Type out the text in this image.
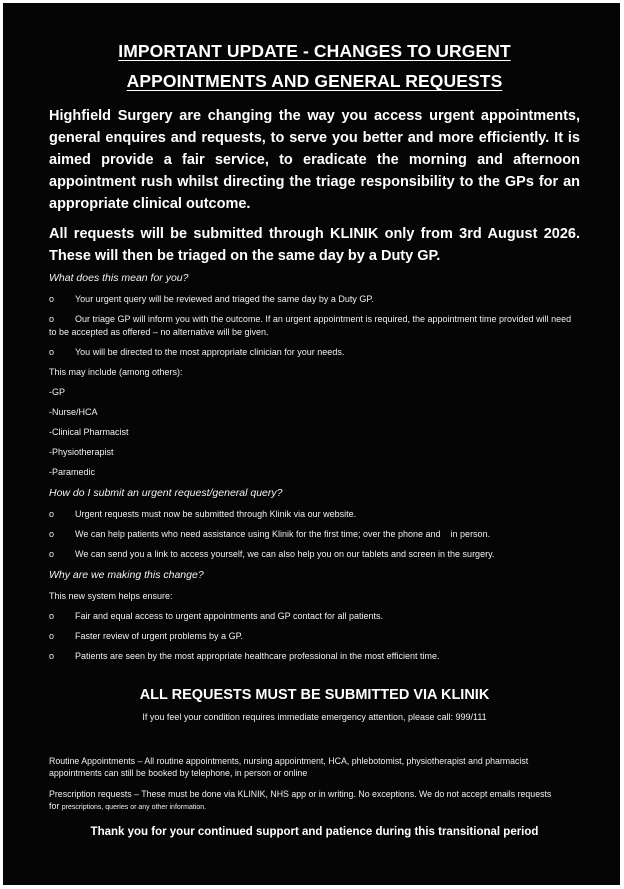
IMPORTANT UPDATE - CHANGES TO URGENT
APPOINTMENTS AND GENERAL REQUESTS

Highfield Surgery are changing the way you access urgent appointments, general enquires and requests, to serve you better and more efficiently. It is aimed provide a fair service, to eradicate the morning and afternoon appointment rush whilst directing the triage responsibility to the GPs for an appropriate clinical outcome.

All requests will be submitted through KLINIK only from 3rd August 2026. These will then be triaged on the same day by a Duty GP.

What does this mean for you?
o	Your urgent query will be reviewed and triaged the same day by a Duty GP.
o Our triage GP will inform you with the outcome. If an urgent appointment is required, the appointment time provided will need to be accepted as offered – no alternative will be given.
o	You will be directed to the most appropriate clinician for your needs.
This may include (among others):
-GP
-Nurse/HCA
-Clinical Pharmacist
-Physiotherapist
-Paramedic
How do I submit an urgent request/general query?
o	Urgent requests must now be submitted through Klinik via our website.
o	We can help patients who need assistance using Klinik for the first time; over the phone and    in person.
o	We can send you a link to access yourself, we can also help you on our tablets and screen in the surgery.
Why are we making this change?
This new system helps ensure:
o	Fair and equal access to urgent appointments and GP contact for all patients.
o	Faster review of urgent problems by a GP.
o	Patients are seen by the most appropriate healthcare professional in the most efficient time.
ALL REQUESTS MUST BE SUBMITTED VIA KLINIK
If you feel your condition requires immediate emergency attention, please call: 999/111
Routine Appointments – All routine appointments, nursing appointment, HCA, phlebotomist, physiotherapist and pharmacist appointments can still be booked by telephone, in person or online
Prescription requests – These must be done via KLINIK, NHS app or in writing. No exceptions. We do not accept emails requests for prescriptions, queries or any other information.
Thank you for your continued support and patience during this transitional period
